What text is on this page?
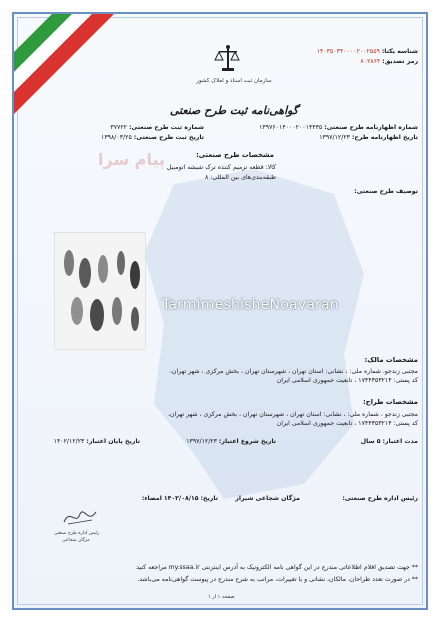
سازمان ثبت اسناد و املاک کشور
گواهی‌نامه ثبت طرح صنعتی
شناسه یکتا: ۱۴۰۳۵۰۳۴۰۰۰۰۲۰۰۲۵۵۹
رمز تصدیق: ۸۰۲۸۶۴
شماره اظهارنامه طرح صنعتی: ۱۳۹۷۶۰۱۴۰۰۰۲۰۰۱۴۴۳۵
تاریخ اظهارنامه طرح: ۱۳۹۷/۱۲/۲۳
شماره ثبت طرح صنعتی: ۳۷۷۲۲
تاریخ ثبت طرح صنعتی: ۱۳۹۸/۰۳/۲۵
مشخصات طرح صنعتی:
کالا: قطعه ترمیم کننده ترک شیشه اتومبیل
طبقه‌بندی‌های بین المللی: ۸
توصیف طرح صنعتی:
پیام سرا
TarmimeshisheNoavaran
مشخصات مالک:
مجتبی زندجو، شماره ملی: ‌، نشانی: استان تهران ، شهرستان تهران ، بخش مرکزی ، شهر تهران،
کد پستی: ۱۷۴۴۳۵۳۲۱۴ ، تابعیت جمهوری اسلامی ایران
مشخصات طراح:
مجتبی زندجو ، شماره ملی: ‌، نشانی: استان تهران ، شهرستان تهران ، بخش مرکزی ، شهر تهران،
کد پستی: ۱۷۴۴۳۵۳۲۱۴ ، تابعیت جمهوری اسلامی ایران
مدت اعتبار: ۵ سال
تاریخ شروع اعتبار: ۱۳۹۷/۱۲/۲۳
تاریخ پایان اعتبار: ۱۴۰۲/۱۲/۲۳
رئیس اداره طرح صنعتی:
مژگان شجاعی شیراز
تاریخ: ۱۴۰۲/۰۸/۱۵ امضاء:
رئیس اداره طرح صنعتی
مژگان شجاعی
** جهت تصدیق اقلام اطلاعاتی مندرج در این گواهی نامه الکترونیک به آدرس اینترنتی my.ssaa.ir مراجعه کنید
** در صورت تعدد طراحان، مالکان، نشانی و یا تغییرات، مراتب به شرح مندرج در پیوست گواهی‌نامه می‌باشد.
صفحه ۱ از ۱
